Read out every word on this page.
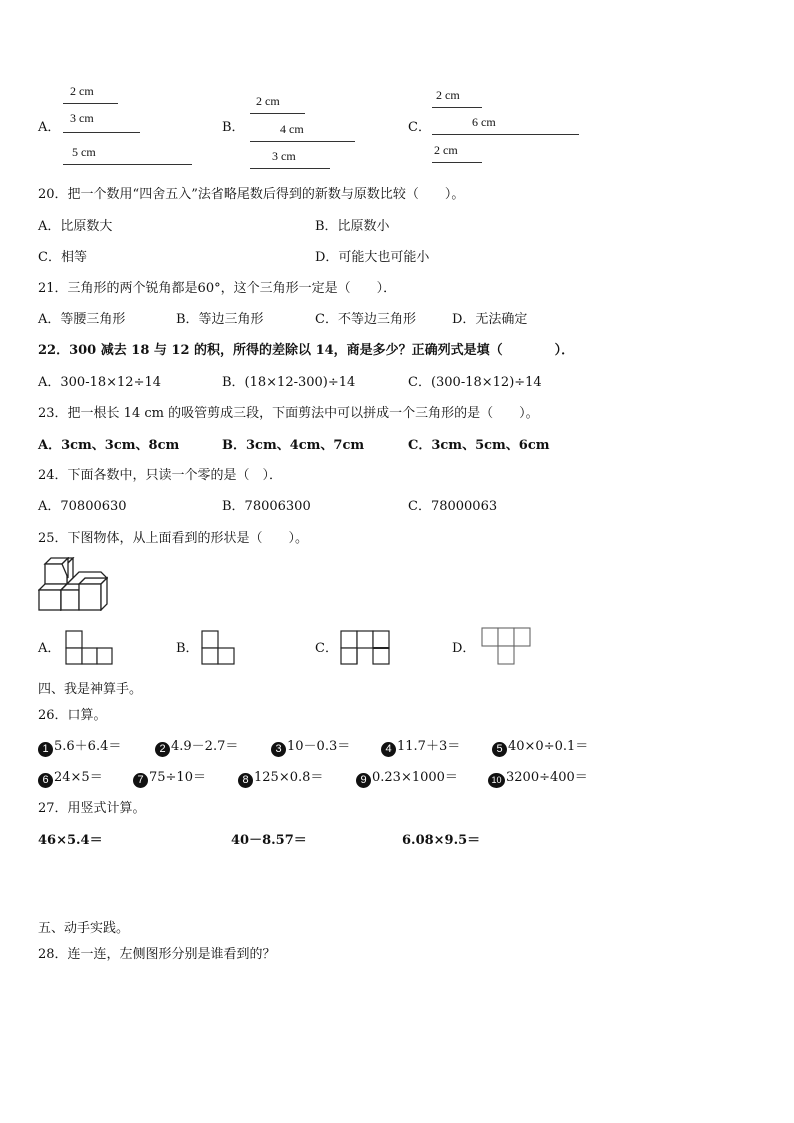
A．
2 cm
3 cm
5 cm
B．
2 cm
4 cm
3 cm
C．
2 cm
6 cm
2 cm
20．把一个数用“四舍五入”法省略尾数后得到的新数与原数比较（　　）。
A．比原数大	B．比原数小
C．相等	D．可能大也可能小
21．三角形的两个锐角都是60°，这个三角形一定是（　　）．
A．等腰三角形	B．等边三角形	C．不等边三角形	D．无法确定
22．300 减去 18 与 12 的积，所得的差除以 14，商是多少？正确列式是填（　　　　）．
A．300-18×12÷14	B．(18×12-300)÷14	C．(300-18×12)÷14
23．把一根长 14 cm 的吸管剪成三段，下面剪法中可以拼成一个三角形的是（　　）。
A．3cm、3cm、8cm	B．3cm、4cm、7cm	C．3cm、5cm、6cm
24．下面各数中，只读一个零的是（　）．
A．70800630	B．78006300	C．78000063
25．下图物体，从上面看到的形状是（　　）。
A．	B．	C．	D．
四、我是神算手。
26．口算。
1 5.6＋6.4＝	2 4.9－2.7＝	3 10－0.3＝	4 11.7＋3＝	5 40×0÷0.1＝
6 24×5＝	7 75÷10＝	8 125×0.8＝	9 0.23×1000＝	10 3200÷400＝
27．用竖式计算。
46×5.4＝	40－8.57＝	6.08×9.5＝
五、动手实践。
28．连一连，左侧图形分别是谁看到的？
